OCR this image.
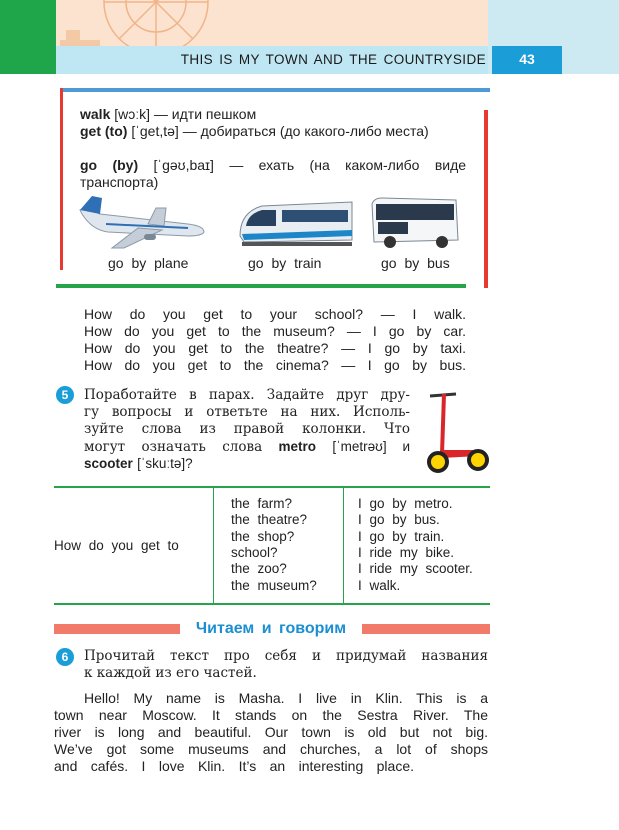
THIS IS MY TOWN AND THE COUNTRYSIDE	43
walk [wɔːk] — идти пешком
get (to) [ˈget,tə] — добираться (до какого-либо места)
go (by) [ˈgəʊ,baɪ] — ехать (на каком-либо виде транспорта)
go by plane	go by train	go by bus
How do you get to your school? — I walk.
How do you get to the museum? — I go by car.
How do you get to the theatre? — I go by taxi.
How do you get to the cinema? — I go by bus.
5	Поработайте в парах. Задайте друг дру-
гу вопросы и ответьте на них. Исполь-
зуйте слова из правой колонки. Что
могут означать слова metro [ˈmetrəʊ] и
scooter [ˈskuːtə]?
How do you get to
the farm?
the theatre?
the shop?
school?
the zoo?
the museum?
I go by metro.
I go by bus.
I go by train.
I ride my bike.
I ride my scooter.
I walk.
Читаем и говорим
6	Прочитай текст про себя и придумай названия
к каждой из его частей.
Hello! My name is Masha. I live in Klin. This is a
town near Moscow. It stands on the Sestra River. The
river is long and beautiful. Our town is old but not big.
We’ve got some museums and churches, a lot of shops
and cafés. I love Klin. It’s an interesting place.
